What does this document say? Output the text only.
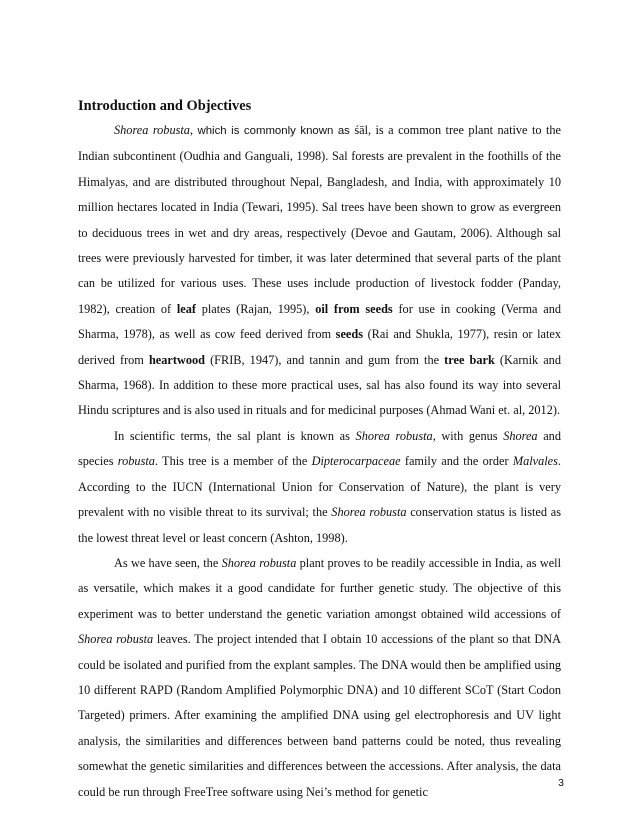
Introduction and Objectives

Shorea robusta, which is commonly known as śāl, is a common tree plant native to the Indian subcontinent (Oudhia and Ganguali, 1998). Sal forests are prevalent in the foothills of the Himalyas, and are distributed throughout Nepal, Bangladesh, and India, with approximately 10 million hectares located in India (Tewari, 1995). Sal trees have been shown to grow as evergreen to deciduous trees in wet and dry areas, respectively (Devoe and Gautam, 2006). Although sal trees were previously harvested for timber, it was later determined that several parts of the plant can be utilized for various uses. These uses include production of livestock fodder (Panday, 1982), creation of leaf plates (Rajan, 1995), oil from seeds for use in cooking (Verma and Sharma, 1978), as well as cow feed derived from seeds (Rai and Shukla, 1977), resin or latex derived from heartwood (FRIB, 1947), and tannin and gum from the tree bark (Karnik and Sharma, 1968). In addition to these more practical uses, sal has also found its way into several Hindu scriptures and is also used in rituals and for medicinal purposes (Ahmad Wani et. al, 2012).

In scientific terms, the sal plant is known as Shorea robusta, with genus Shorea and species robusta. This tree is a member of the Dipterocarpaceae family and the order Malvales. According to the IUCN (International Union for Conservation of Nature), the plant is very prevalent with no visible threat to its survival; the Shorea robusta conservation status is listed as the lowest threat level or least concern (Ashton, 1998).

As we have seen, the Shorea robusta plant proves to be readily accessible in India, as well as versatile, which makes it a good candidate for further genetic study. The objective of this experiment was to better understand the genetic variation amongst obtained wild accessions of Shorea robusta leaves. The project intended that I obtain 10 accessions of the plant so that DNA could be isolated and purified from the explant samples. The DNA would then be amplified using 10 different RAPD (Random Amplified Polymorphic DNA) and 10 different SCoT (Start Codon Targeted) primers. After examining the amplified DNA using gel electrophoresis and UV light analysis, the similarities and differences between band patterns could be noted, thus revealing somewhat the genetic similarities and differences between the accessions. After analysis, the data could be run through FreeTree software using Nei’s method for genetic

3
